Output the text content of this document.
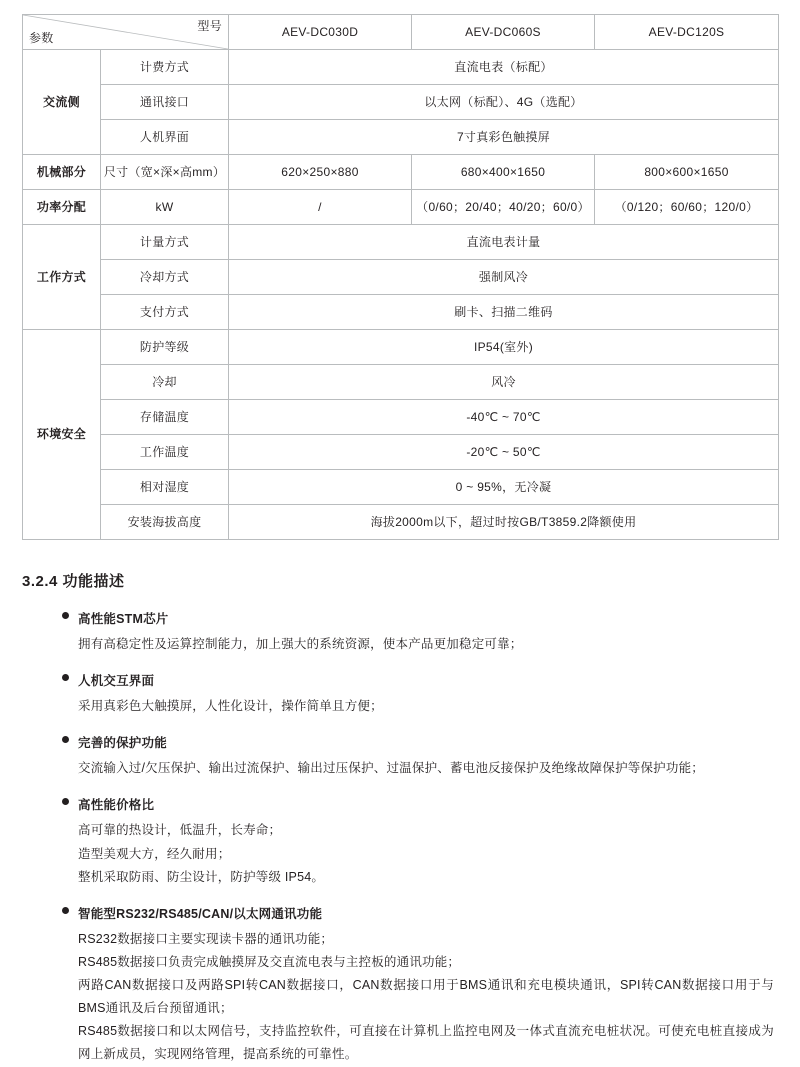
型号
参数		AEV-DC030D	AEV-DC060S	AEV-DC120S
交流侧	计费方式	直流电表（标配）		
	通讯接口	以太网（标配）、4G（选配）		
	人机界面	7寸真彩色触摸屏		
机械部分	尺寸（宽×深×高mm）	620×250×880	680×400×1650	800×600×1650
功率分配	kW	/	（0/60；20/40；40/20；60/0）	（0/120；60/60；120/0）
工作方式	计量方式	直流电表计量		
	冷却方式	强制风冷		
	支付方式	刷卡、扫描二维码		
环境安全	防护等级	IP54(室外)		
	冷却	风冷		
	存储温度	-40℃ ~ 70℃		
	工作温度	-20℃ ~ 50℃		
	相对湿度	0 ~ 95%，无冷凝		
	安装海拔高度	海拔2000m以下，超过时按GB/T3859.2降额使用		
3.2.4 功能描述
高性能STM芯片
拥有高稳定性及运算控制能力，加上强大的系统资源，使本产品更加稳定可靠；
人机交互界面
采用真彩色大触摸屏，人性化设计，操作简单且方便；
完善的保护功能
交流输入过/欠压保护、输出过流保护、输出过压保护、过温保护、蓄电池反接保护及绝缘故障保护等保护功能；
高性能价格比
高可靠的热设计，低温升，长寿命；
造型美观大方，经久耐用；
整机采取防雨、防尘设计，防护等级 IP54。
智能型RS232/RS485/CAN/以太网通讯功能
RS232数据接口主要实现读卡器的通讯功能；
RS485数据接口负责完成触摸屏及交直流电表与主控板的通讯功能；
两路CAN数据接口及两路SPI转CAN数据接口，CAN数据接口用于BMS通讯和充电模块通讯，SPI转CAN数据接口用于与BMS通讯及后台预留通讯；
RS485数据接口和以太网信号，支持监控软件，可直接在计算机上监控电网及一体式直流充电桩状况。可使充电桩直接成为网上新成员，实现网络管理，提高系统的可靠性。
